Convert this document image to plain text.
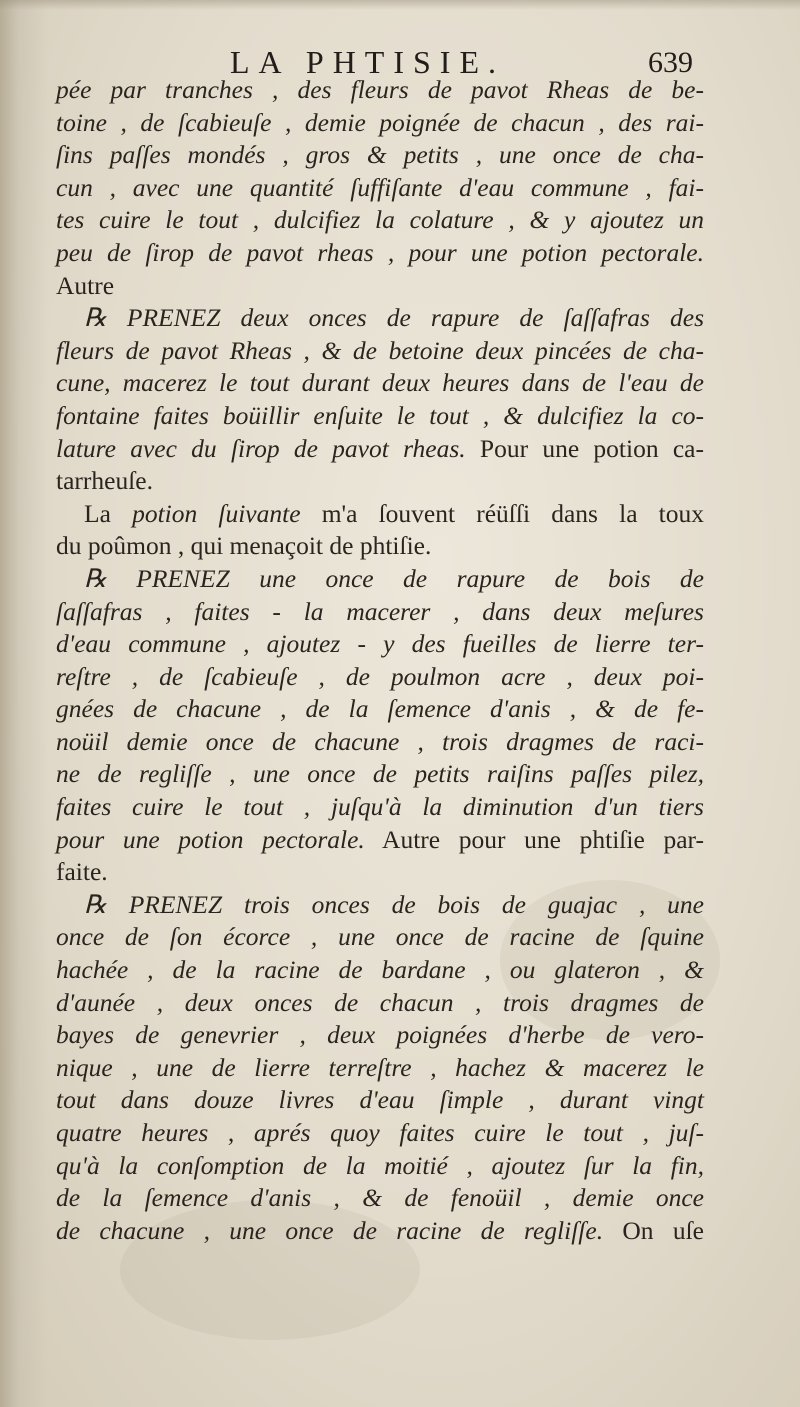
LA PHTISIE.	639
pée par tranches , des fleurs de pavot Rheas de be-
toine , de ſcabieuſe , demie poignée de chacun , des rai-
ſins paſſes mondés , gros & petits , une once de cha-
cun , avec une quantité ſuffiſante d'eau commune , fai-
tes cuire le tout , dulcifiez la colature , & y ajoutez un
peu de ſirop de pavot rheas , pour une potion pectorale.
Autre
℞ PRENEZ deux onces de rapure de ſaſſafras des
fleurs de pavot Rheas , & de betoine deux pincées de cha-
cune, macerez le tout durant deux heures dans de l'eau de
fontaine faites boüillir enſuite le tout , & dulcifiez la co-
lature avec du ſirop de pavot rheas. Pour une potion ca-
tarrheuſe.
La potion ſuivante m'a ſouvent réüſſi dans la toux
du poûmon , qui menaçoit de phtiſie.
℞ PRENEZ une once de rapure de bois de
ſaſſafras , faites - la macerer , dans deux meſures
d'eau commune , ajoutez - y des fueilles de lierre ter-
reſtre , de ſcabieuſe , de poulmon acre , deux poi-
gnées de chacune , de la ſemence d'anis , & de fe-
noüil demie once de chacune , trois dragmes de raci-
ne de regliſſe , une once de petits raiſins paſſes pilez,
faites cuire le tout , juſqu'à la diminution d'un tiers
pour une potion pectorale. Autre pour une phtiſie par-
faite.
℞ PRENEZ trois onces de bois de guajac , une
once de ſon écorce , une once de racine de ſquine
hachée , de la racine de bardane , ou glateron , &
d'aunée , deux onces de chacun , trois dragmes de
bayes de genevrier , deux poignées d'herbe de vero-
nique , une de lierre terreſtre , hachez & macerez le
tout dans douze livres d'eau ſimple , durant vingt
quatre heures , aprés quoy faites cuire le tout , juſ-
qu'à la conſomption de la moitié , ajoutez ſur la fin,
de la ſemence d'anis , & de fenoüil , demie once
de chacune , une once de racine de regliſſe. On uſe
